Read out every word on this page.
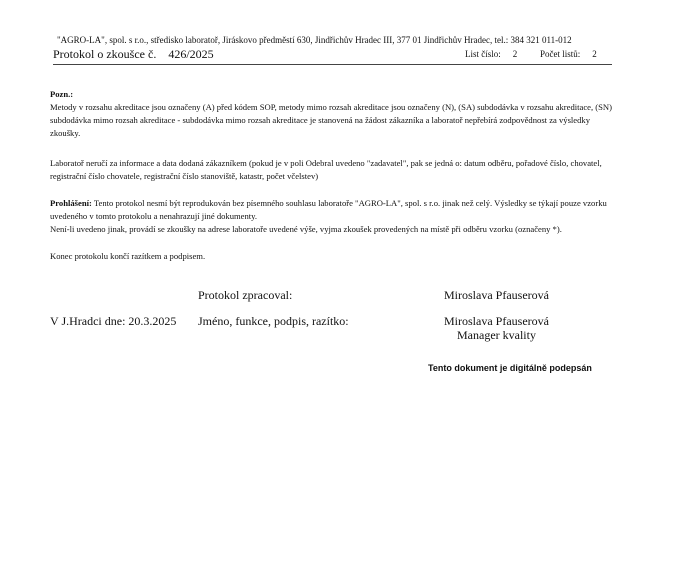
"AGRO-LA", spol. s r.o., středisko laboratoř, Jiráskovo předměstí 630, Jindřichův Hradec III, 377 01 Jindřichův Hradec, tel.: 384 321 011-012
Protokol o zkoušce č. 426/2025	List číslo: 2	Počet listů: 2
Pozn.:
Metody v rozsahu akreditace jsou označeny (A) před kódem SOP, metody mimo rozsah akreditace jsou označeny (N), (SA) subdodávka v rozsahu akreditace, (SN) subdodávka mimo rozsah akreditace - subdodávka mimo rozsah akreditace je stanovená na žádost zákazníka a laboratoř nepřebírá zodpovědnost za výsledky zkoušky.
Laboratoř neručí za informace a data dodaná zákazníkem (pokud je v poli Odebral uvedeno "zadavatel", pak se jedná o: datum odběru, pořadové číslo, chovatel, registrační číslo chovatele, registrační číslo stanoviště, katastr, počet včelstev)
Prohlášení: Tento protokol nesmí být reprodukován bez písemného souhlasu laboratoře "AGRO-LA", spol. s r.o. jinak než celý. Výsledky se týkají pouze vzorku uvedeného v tomto protokolu a nenahrazují jiné dokumenty.
Není-li uvedeno jinak, provádí se zkoušky na adrese laboratoře uvedené výše, vyjma zkoušek provedených na místě při odběru vzorku (označeny *).
Konec protokolu končí razítkem a podpisem.
Protokol zpracoval:	Miroslava Pfauserová
V J.Hradci dne: 20.3.2025 Jméno, funkce, podpis, razítko:	Miroslava Pfauserová
Manager kvality
Tento dokument je digitálně podepsán
